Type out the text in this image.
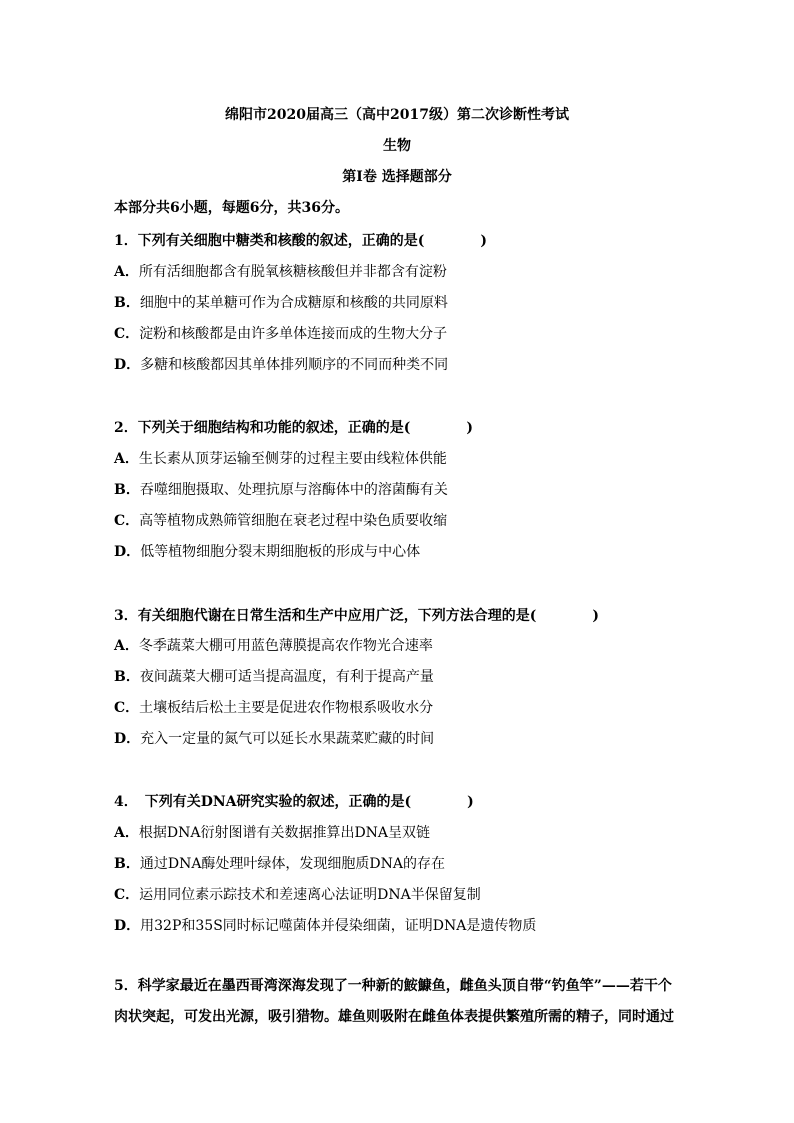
绵阳市2020届高三（高中2017级）第二次诊断性考试
生物
第Ⅰ卷 选择题部分
本部分共6小题，每题6分，共36分。
1．下列有关细胞中糖类和核酸的叙述，正确的是(　　　　)
A．所有活细胞都含有脱氧核糖核酸但并非都含有淀粉
B．细胞中的某单糖可作为合成糖原和核酸的共同原料
C．淀粉和核酸都是由许多单体连接而成的生物大分子
D．多糖和核酸都因其单体排列顺序的不同而种类不同
2．下列关于细胞结构和功能的叙述，正确的是(　　　　)
A．生长素从顶芽运输至侧芽的过程主要由线粒体供能
B．吞噬细胞摄取、处理抗原与溶酶体中的溶菌酶有关
C．高等植物成熟筛管细胞在衰老过程中染色质要收缩
D．低等植物细胞分裂末期细胞板的形成与中心体
3．有关细胞代谢在日常生活和生产中应用广泛，下列方法合理的是(　　　　)
A．冬季蔬菜大棚可用蓝色薄膜提高农作物光合速率
B．夜间蔬菜大棚可适当提高温度，有利于提高产量
C．土壤板结后松土主要是促进农作物根系吸收水分
D．充入一定量的氮气可以延长水果蔬菜贮藏的时间
4．　下列有关DNA研究实验的叙述，正确的是(　　　　)
A．根据DNA衍射图谱有关数据推算出DNA呈双链
B．通过DNA酶处理叶绿体，发现细胞质DNA的存在
C．运用同位素示踪技术和差速离心法证明DNA半保留复制
D．用32P和35S同时标记噬菌体并侵染细菌，证明DNA是遗传物质
5．科学家最近在墨西哥湾深海发现了一种新的鮟鱇鱼，雌鱼头顶自带“钓鱼竿”——若干个肉状突起，可发出光源，吸引猎物。雄鱼则吸附在雌鱼体表提供繁殖所需的精子，同时通过
